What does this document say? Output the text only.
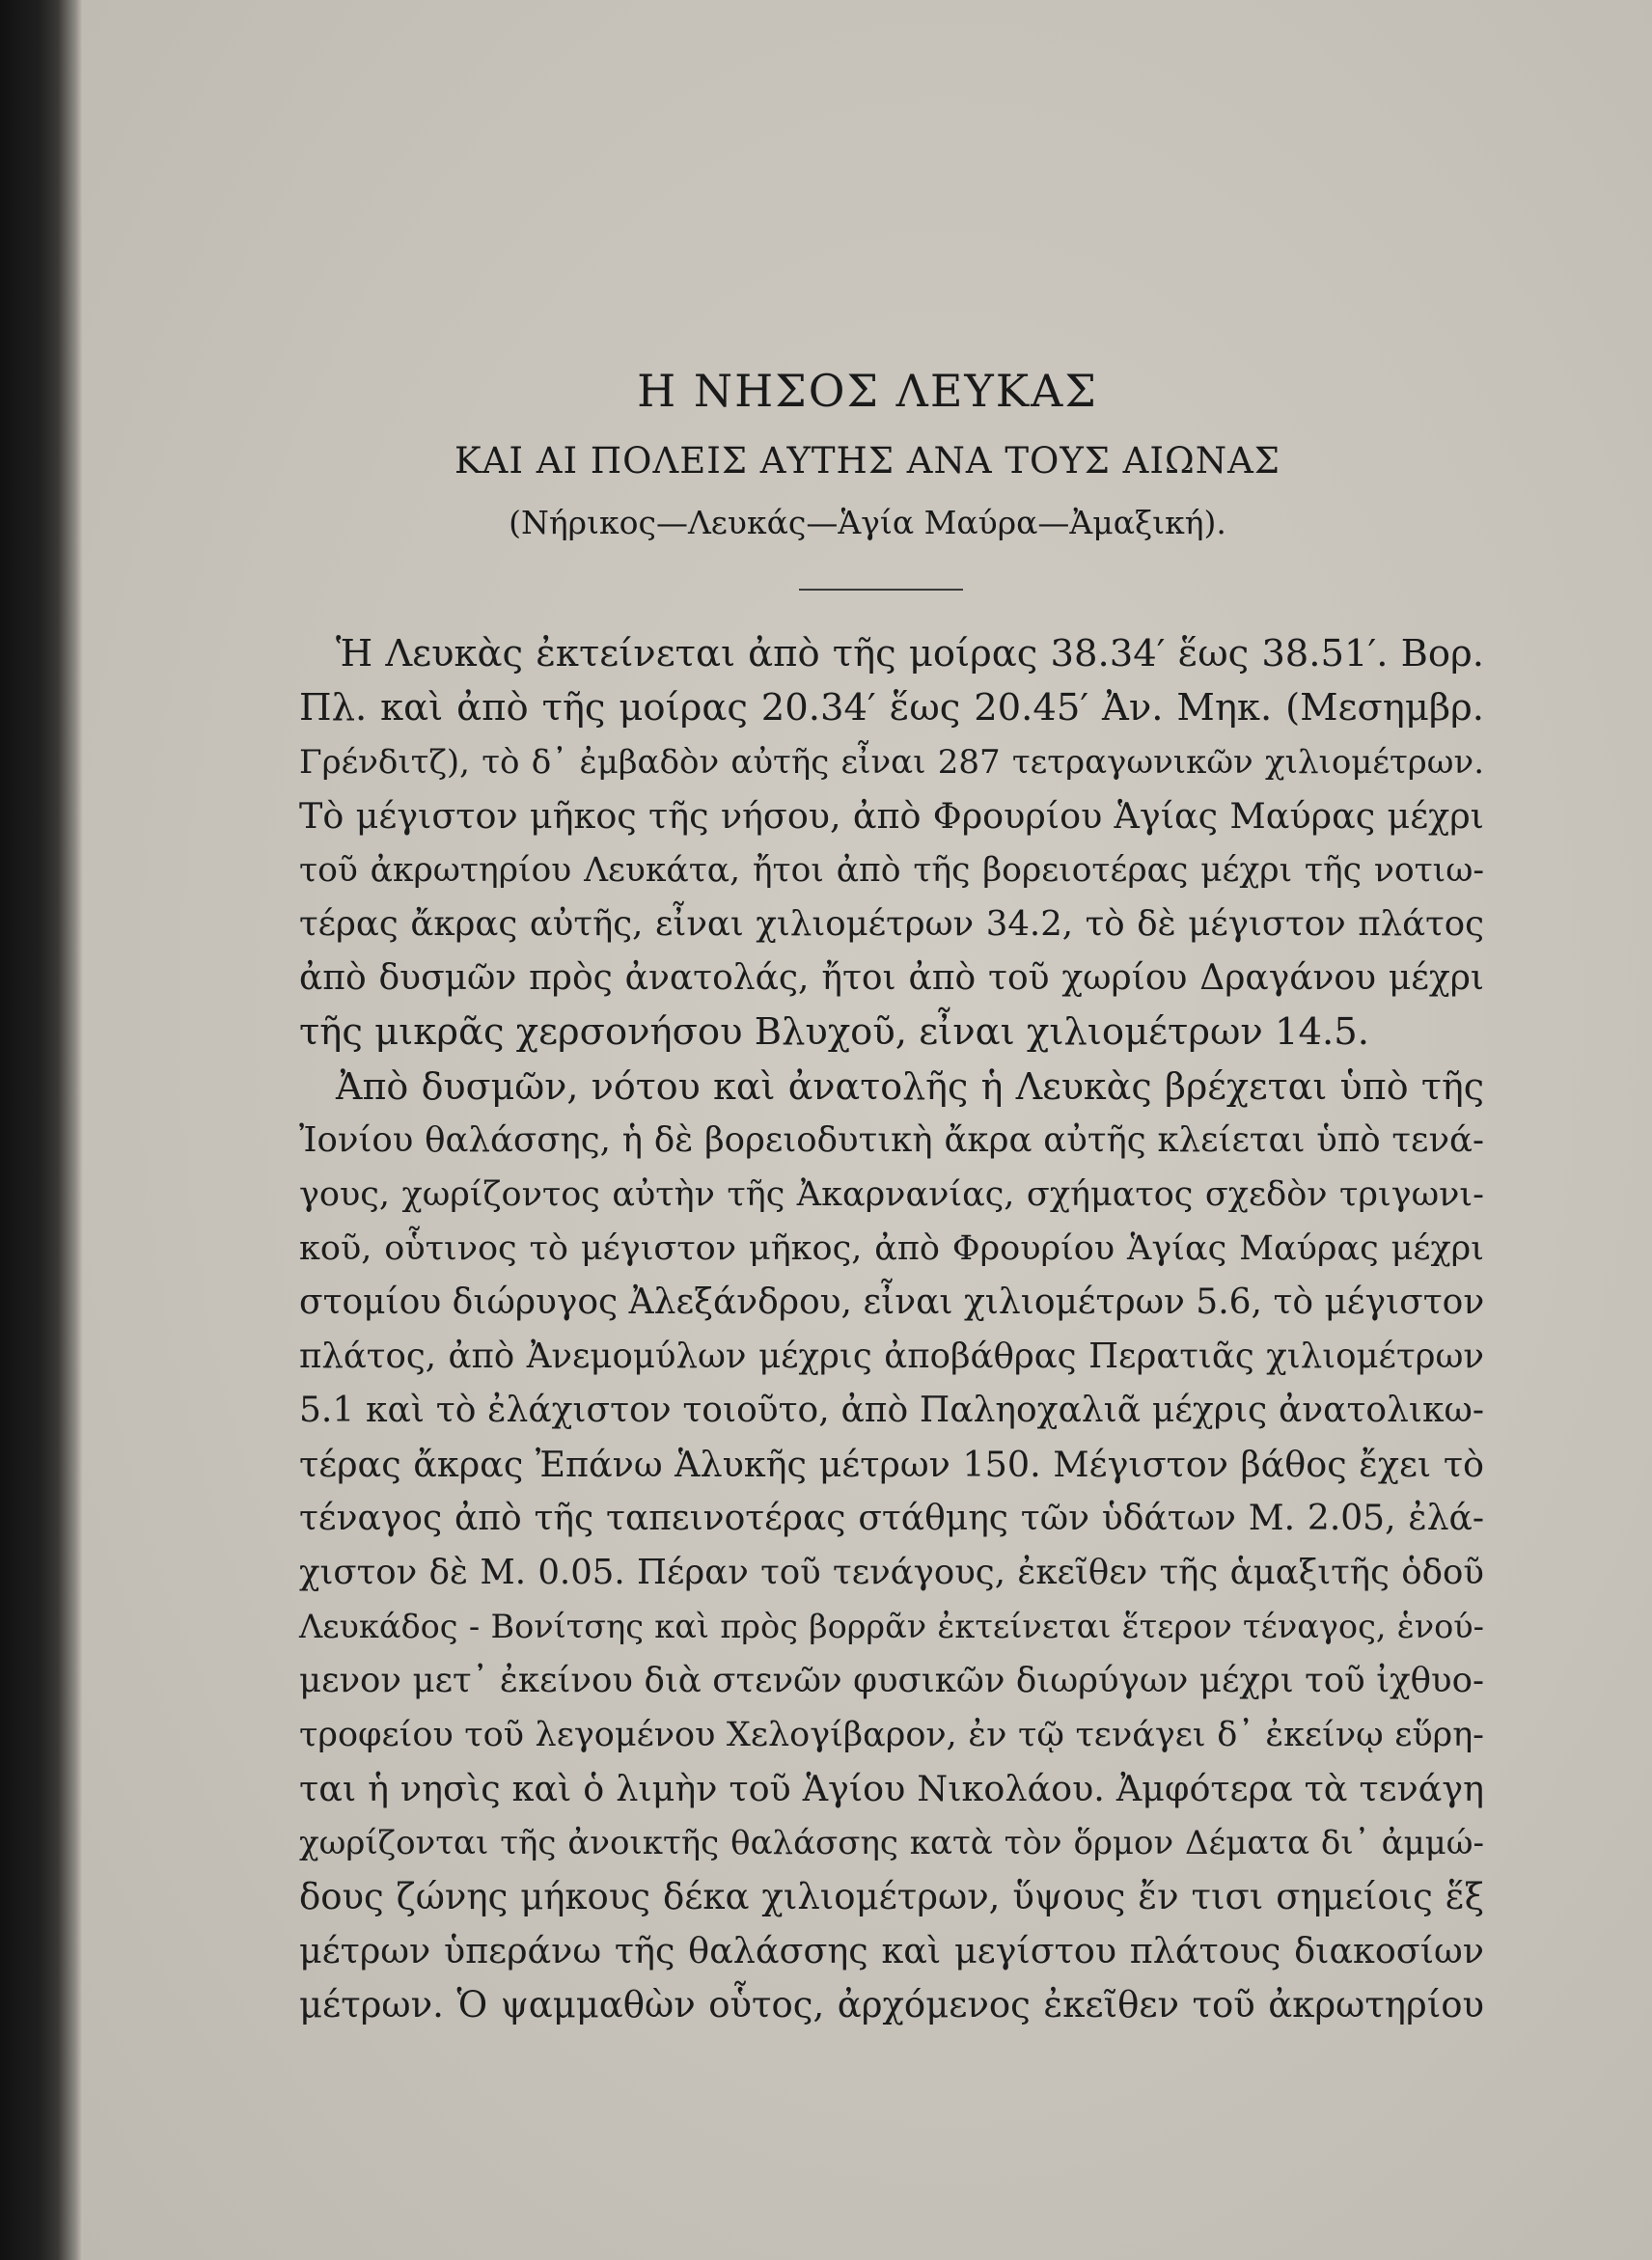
Η ΝΗΣΟΣ ΛΕΥΚΑΣ
ΚΑΙ ΑΙ ΠΟΛΕΙΣ ΑΥΤΗΣ ΑΝΑ ΤΟΥΣ ΑΙΩΝΑΣ
(Νήρικος—Λευκάς—Ἁγία Μαύρα—Ἀμαξική).
Ἡ Λευκὰς ἐκτείνεται ἀπὸ τῆς μοίρας 38.34′ ἕως 38.51′. Βορ.
Πλ. καὶ ἀπὸ τῆς μοίρας 20.34′ ἕως 20.45′ Ἀν. Μηκ. (Μεσημβρ.
Γρένδιτζ), τὸ δ᾽ ἐμβαδὸν αὐτῆς εἶναι 287 τετραγωνικῶν χιλιομέτρων.
Τὸ μέγιστον μῆκος τῆς νήσου, ἀπὸ Φρουρίου Ἁγίας Μαύρας μέχρι
τοῦ ἀκρωτηρίου Λευκάτα, ἤτοι ἀπὸ τῆς βορειοτέρας μέχρι τῆς νοτιω-
τέρας ἄκρας αὐτῆς, εἶναι χιλιομέτρων 34.2, τὸ δὲ μέγιστον πλάτος
ἀπὸ δυσμῶν πρὸς ἀνατολάς, ἤτοι ἀπὸ τοῦ χωρίου Δραγάνου μέχρι
τῆς μικρᾶς χερσονήσου Βλυχοῦ, εἶναι χιλιομέτρων 14.5.
Ἀπὸ δυσμῶν, νότου καὶ ἀνατολῆς ἡ Λευκὰς βρέχεται ὑπὸ τῆς
Ἰονίου θαλάσσης, ἡ δὲ βορειοδυτικὴ ἄκρα αὐτῆς κλείεται ὑπὸ τενά-
γους, χωρίζοντος αὐτὴν τῆς Ἀκαρνανίας, σχήματος σχεδὸν τριγωνι-
κοῦ, οὗτινος τὸ μέγιστον μῆκος, ἀπὸ Φρουρίου Ἁγίας Μαύρας μέχρι
στομίου διώρυγος Ἀλεξάνδρου, εἶναι χιλιομέτρων 5.6, τὸ μέγιστον
πλάτος, ἀπὸ Ἀνεμομύλων μέχρις ἀποβάθρας Περατιᾶς χιλιομέτρων
5.1 καὶ τὸ ἐλάχιστον τοιοῦτο, ἀπὸ Παληοχαλιᾶ μέχρις ἀνατολικω-
τέρας ἄκρας Ἐπάνω Ἁλυκῆς μέτρων 150. Μέγιστον βάθος ἔχει τὸ
τέναγος ἀπὸ τῆς ταπεινοτέρας στάθμης τῶν ὑδάτων Μ. 2.05, ἐλά-
χιστον δὲ Μ. 0.05. Πέραν τοῦ τενάγους, ἐκεῖθεν τῆς ἁμαξιτῆς ὁδοῦ
Λευκάδος - Βονίτσης καὶ πρὸς βορρᾶν ἐκτείνεται ἕτερον τέναγος, ἑνού-
μενον μετ᾽ ἐκείνου διὰ στενῶν φυσικῶν διωρύγων μέχρι τοῦ ἰχθυο-
τροφείου τοῦ λεγομένου Χελογίβαρον, ἐν τῷ τενάγει δ᾽ ἐκείνῳ εὕρη-
ται ἡ νησὶς καὶ ὁ λιμὴν τοῦ Ἁγίου Νικολάου. Ἀμφότερα τὰ τενάγη
χωρίζονται τῆς ἀνοικτῆς θαλάσσης κατὰ τὸν ὅρμον Δέματα δι᾽ ἀμμώ-
δους ζώνης μήκους δέκα χιλιομέτρων, ὕψους ἔν τισι σημείοις ἕξ
μέτρων ὑπεράνω τῆς θαλάσσης καὶ μεγίστου πλάτους διακοσίων
μέτρων. Ὁ ψαμμαθὼν οὗτος, ἀρχόμενος ἐκεῖθεν τοῦ ἀκρωτηρίου
